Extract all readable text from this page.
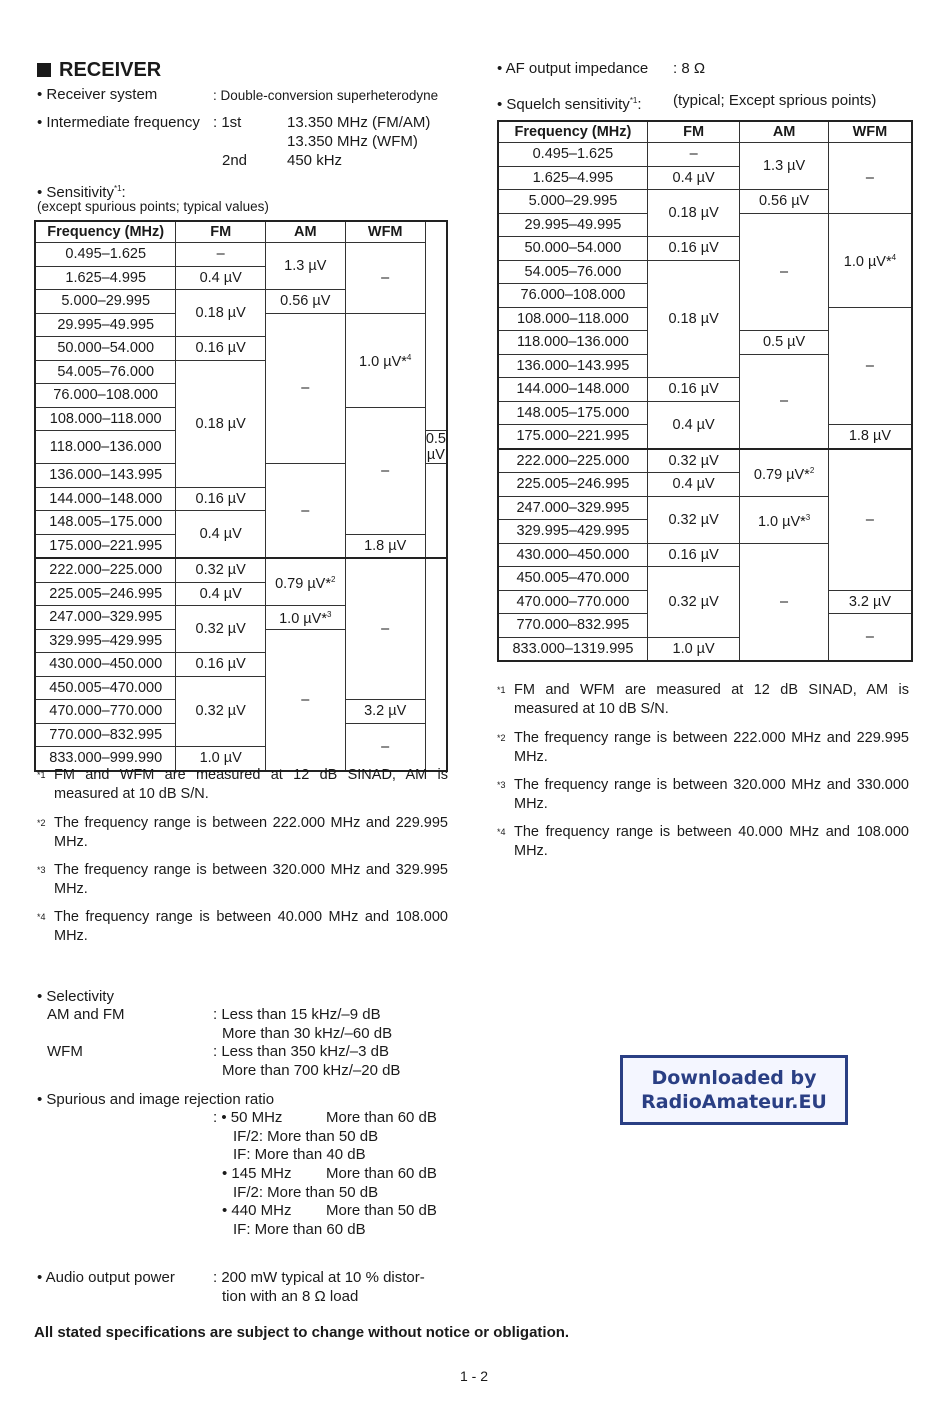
RECEIVER
• Receiver system	: Double-conversion superheterodyne
• Intermediate frequency : 1st	13.350 MHz (FM/AM)
13.350 MHz (WFM)
2nd	450 kHz
• Sensitivity$^{*1}$:
(except spurious points; typical values)
Frequency (MHz)	FM	AM	WFM	
0.495–1.625	–	1.3 µV	–	
1.625–4.995	0.4 µV			
5.000–29.995	0.18 µV	0.56 µV		
29.995–49.995		–	1.0 µV*$^4$
50.000–54.000	0.16 µV			
54.005–76.000	0.18 µV			
76.000–108.000				
108.000–118.000			–	
118.000–136.000				0.5 µV
136.000–143.995		–		
144.000–148.000	0.16 µV			
148.005–175.000	0.4 µV			
175.000–221.995			1.8 µV	
222.000–225.000	0.32 µV	0.79 µV*$^2$	–	
225.005–246.995	0.4 µV			
247.000–329.995	0.32 µV	1.0 µV*$^3$
329.995–429.995		–		
430.000–450.000	0.16 µV			
450.005–470.000	0.32 µV			
470.000–770.000			3.2 µV	
770.000–832.995			–	
833.000–999.990	1.0 µV			
*1 FM and WFM are measured at 12 dB SINAD, AM is measured at 10 dB S/N.
*2 The frequency range is between 222.000 MHz and 229.995 MHz.
*3 The frequency range is between 320.000 MHz and 329.995 MHz.
*4 The frequency range is between 40.000 MHz and 108.000 MHz.
• Selectivity
AM and FM	: Less than 15 kHz/–9 dB
More than 30 kHz/–60 dB
WFM	: Less than 350 kHz/–3 dB
More than 700 kHz/–20 dB
• Spurious and image rejection ratio
: • 50 MHz	More than 60 dB
IF/2: More than 50 dB
IF: More than 40 dB
• 145 MHz More than 60 dB
IF/2: More than 50 dB
• 440 MHz More than 50 dB
IF: More than 60 dB
• Audio output power	: 200 mW typical at 10 % distor-
tion with an 8 Ω load
• AF output impedance : 8 Ω
• Squelch sensitivity$^{*1}$: (typical; Except sprious points)
Frequency (MHz)	FM	AM	WFM
0.495–1.625	–	1.3 µV	–
1.625–4.995	0.4 µV		
5.000–29.995	0.18 µV	0.56 µV	
29.995–49.995		–	1.0 µV*$^4$
50.000–54.000	0.16 µV		
54.005–76.000	0.18 µV		
76.000–108.000			
108.000–118.000			–
118.000–136.000		0.5 µV	
136.000–143.995		–	
144.000–148.000	0.16 µV		
148.005–175.000	0.4 µV		
175.000–221.995			1.8 µV
222.000–225.000	0.32 µV	0.79 µV*$^2$	–
225.005–246.995	0.4 µV		
247.000–329.995	0.32 µV	1.0 µV*$^3$
329.995–429.995			
430.000–450.000	0.16 µV	–	
450.005–470.000	0.32 µV		
470.000–770.000			3.2 µV
770.000–832.995			–
833.000–1319.995	1.0 µV		
*1 FM and WFM are measured at 12 dB SINAD, AM is measured at 10 dB S/N.
*2 The frequency range is between 222.000 MHz and 229.995 MHz.
*3 The frequency range is between 320.000 MHz and 330.000 MHz.
*4 The frequency range is between 40.000 MHz and 108.000 MHz.
Downloaded by
RadioAmateur.EU
All stated specifications are subject to change without notice or obligation.
1 - 2
